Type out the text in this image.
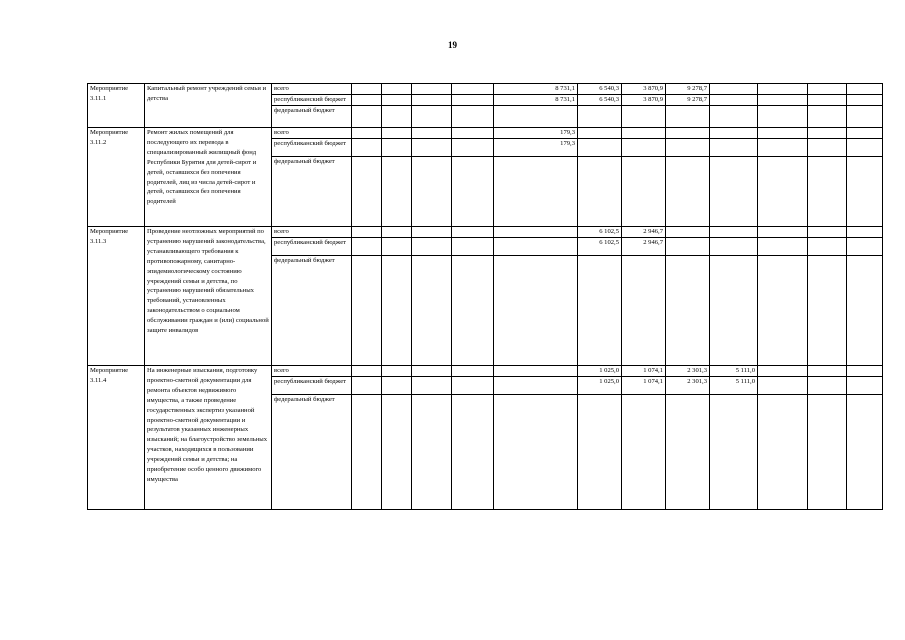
19
Мероприятие 3.11.1	Капитальный ремонт учреждений семьи и детства	всего					8 731,1	6 540,3	3 870,9	9 278,7				
		республиканский бюджет					8 731,1	6 540,3	3 870,9	9 278,7				
		федеральный бюджет												
Мероприятие 3.11.2	Ремонт жилых помещений для последующего их перевода в специализированный жилищный фонд Республики Бурятия для детей-сирот и детей, оставшихся без попечения родителей, лиц из числа детей-сирот и детей, оставшихся без попечения родителей	всего					179,3							
		республиканский бюджет					179,3							
		федеральный бюджет												
Мероприятие 3.11.3	Проведение неотложных мероприятий по устранению нарушений законодательства, устанавливающего требования к противопожарному, санитарно-эпидемиологическому состоянию учреждений семьи и детства, по устранению нарушений обязательных требований, установленных законодательством о социальном обслуживании граждан и (или) социальной защите инвалидов	всего						6 102,5	2 946,7					
		республиканский бюджет						6 102,5	2 946,7					
		федеральный бюджет												
Мероприятие 3.11.4	На инженерные изыскания, подготовку проектно-сметной документации для ремонта объектов недвижимого имущества, а также проведение государственных экспертиз указанной проектно-сметной документации и результатов указанных инженерных изысканий; на благоустройство земельных участков, находящихся в пользовании учреждений семьи и детства; на приобретение особо ценного движимого имущества	всего						1 025,0	1 074,1	2 301,3	5 111,0			
		республиканский бюджет						1 025,0	1 074,1	2 301,3	5 111,0			
		федеральный бюджет												
